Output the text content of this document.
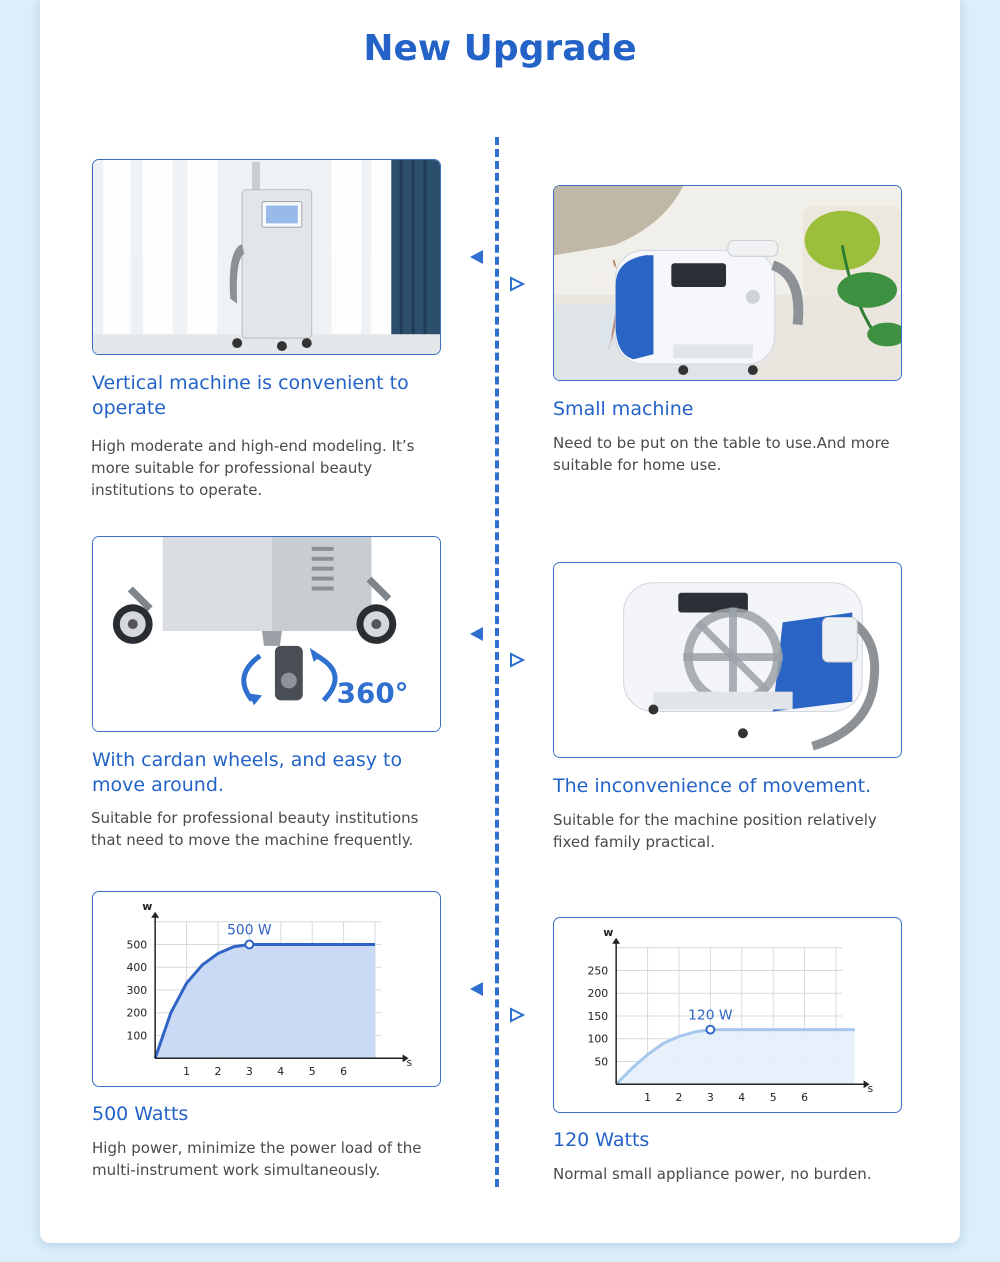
New Upgrade
Vertical machine is convenient to operate
High moderate and high-end modeling. It’s more suitable for professional beauty institutions to operate.
Small machine
Need to be put on the table to use.And more suitable for home use.
360°
With cardan wheels, and easy to move around.
Suitable for professional beauty institutions that need to move the machine frequently.
The inconvenience of movement.
Suitable for the machine position relatively fixed family practical.
s
w
1 2 3 4 5 6
100
200
300
400
500
500 W
500 Watts
High power, minimize the power load of the multi-instrument work simultaneously.
s
w
1 2 3 4 5 6
50
100
150
200
250
120 W
120 Watts
Normal small appliance power, no burden.
